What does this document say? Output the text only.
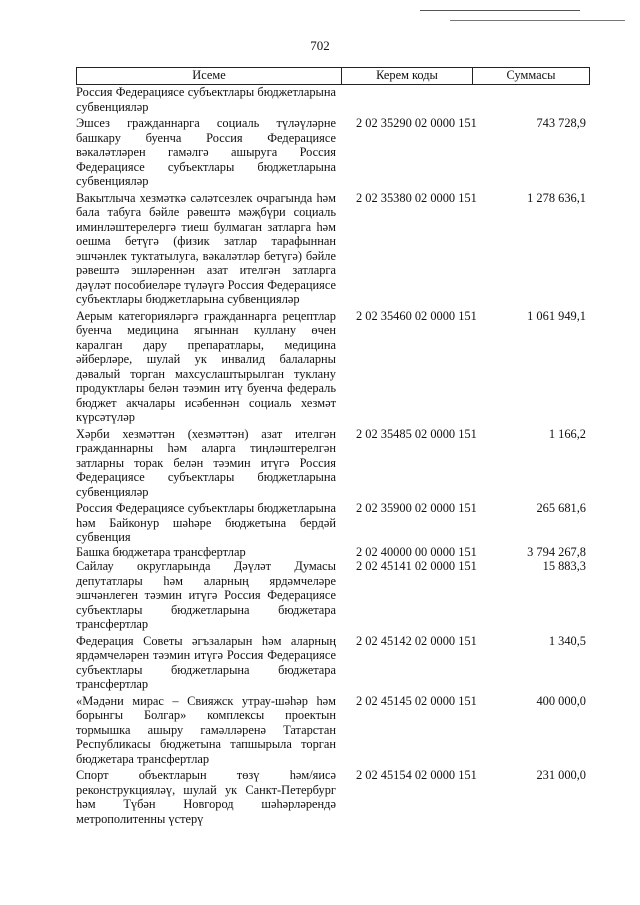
702
Исеме	Керем коды	Суммасы
Россия Федерациясе субъектлары бюджетларына субвенцияләр
Эшсез гражданнарга социаль түләүләрне башкару буенча Россия Федерациясе вәкаләтләрен гамәлгә ашыруга Россия Федерациясе субъектлары бюджетларына субвенцияләр
2 02 35290 02 0000 151	743 728,9
Вакытлыча хезмәткә сәләтсезлек очрагында һәм бала табуга бәйле рәвештә мәҗбүри социаль иминләштерелергә тиеш булмаган затларга һәм оешма бетүгә (физик затлар тарафыннан эшчәнлек туктатылуга, вәкаләтләр бетүгә) бәйле рәвештә эшләреннән азат ителгән затларга дәүләт пособиеләре түләүгә Россия Федерациясе субъектлары бюджетларына субвенцияләр
2 02 35380 02 0000 151	1 278 636,1
Аерым категорияләргә гражданнарга рецептлар буенча медицина ягыннан куллану өчен каралган дару препаратлары, медицина әйберләре, шулай ук инвалид балаларны дәвалый торган махсуслаштырылган туклану продуктлары белән тәэмин итү буенча федераль бюджет акчалары исәбеннән социаль хезмәт күрсәтүләр
2 02 35460 02 0000 151	1 061 949,1
Хәрби хезмәттән (хезмәттән) азат ителгән гражданнарны һәм аларга тиңләштерелгән затларны торак белән тәэмин итүгә Россия Федерациясе субъектлары бюджетларына субвенцияләр
2 02 35485 02 0000 151	1 166,2
Россия Федерациясе субъектлары бюджетларына һәм Байконур шәһәре бюджетына бердәй субвенция
2 02 35900 02 0000 151	265 681,6
Башка бюджетара трансфертлар	2 02 40000 00 0000 151	3 794 267,8
Сайлау округларында Дәүләт Думасы депутатлары һәм аларның ярдәмчеләре эшчәнлеген тәэмин итүгә Россия Федерациясе субъектлары бюджетларына бюджетара трансфертлар
2 02 45141 02 0000 151	15 883,3
Федерация Советы әгъзаларын һәм аларның ярдәмчеләрен тәэмин итүгә Россия Федерациясе субъектлары бюджетларына бюджетара трансфертлар
2 02 45142 02 0000 151	1 340,5
«Мәдәни мирас – Свияжск утрау-шәһәр һәм борынгы Болгар» комплексы проектын тормышка ашыру гамәлләренә Татарстан Республикасы бюджетына тапшырыла торган бюджетара трансфертлар
2 02 45145 02 0000 151	400 000,0
Спорт объектларын төзү һәм/яисә реконструкцияләү, шулай ук Санкт-Петербург һәм Түбән Новгород шәһәрләрендә метрополитенны үстерү
2 02 45154 02 0000 151	231 000,0
